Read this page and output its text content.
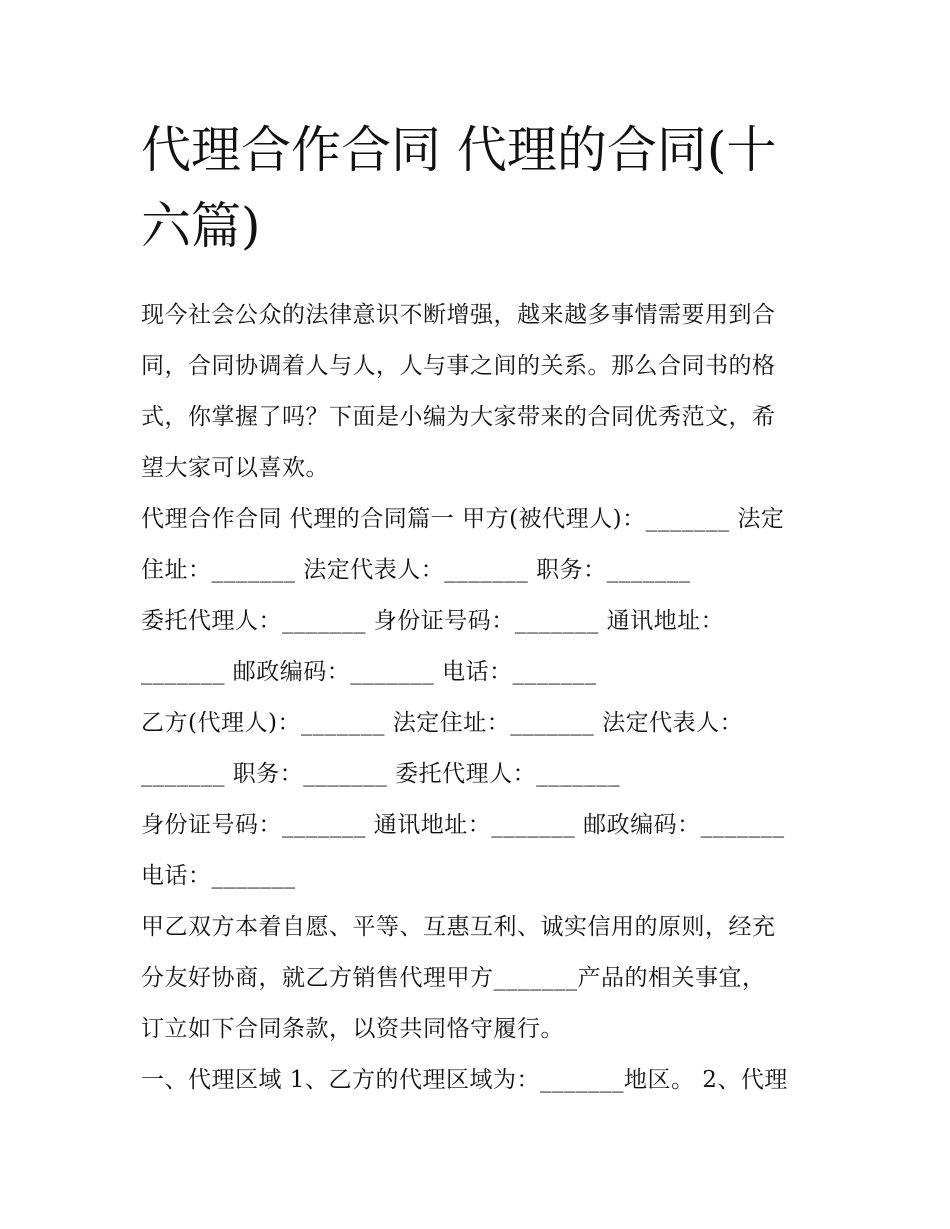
代理合作合同 代理的合同(十六篇)
现今社会公众的法律意识不断增强，越来越多事情需要用到合
同，合同协调着人与人，人与事之间的关系。那么合同书的格
式，你掌握了吗？下面是小编为大家带来的合同优秀范文，希
望大家可以喜欢。
代理合作合同 代理的合同篇一 甲方(被代理人)：_______ 法定
住址：_______ 法定代表人：_______ 职务：_______
委托代理人：_______ 身份证号码：_______ 通讯地址：
_______ 邮政编码：_______ 电话：_______
乙方(代理人)：_______ 法定住址：_______ 法定代表人：
_______ 职务：_______ 委托代理人：_______
身份证号码：_______ 通讯地址：_______ 邮政编码：_______
电话：_______
甲乙双方本着自愿、平等、互惠互利、诚实信用的原则，经充
分友好协商，就乙方销售代理甲方_______产品的相关事宜，
订立如下合同条款，以资共同恪守履行。
一、代理区域 1、乙方的代理区域为：_______地区。 2、代理
